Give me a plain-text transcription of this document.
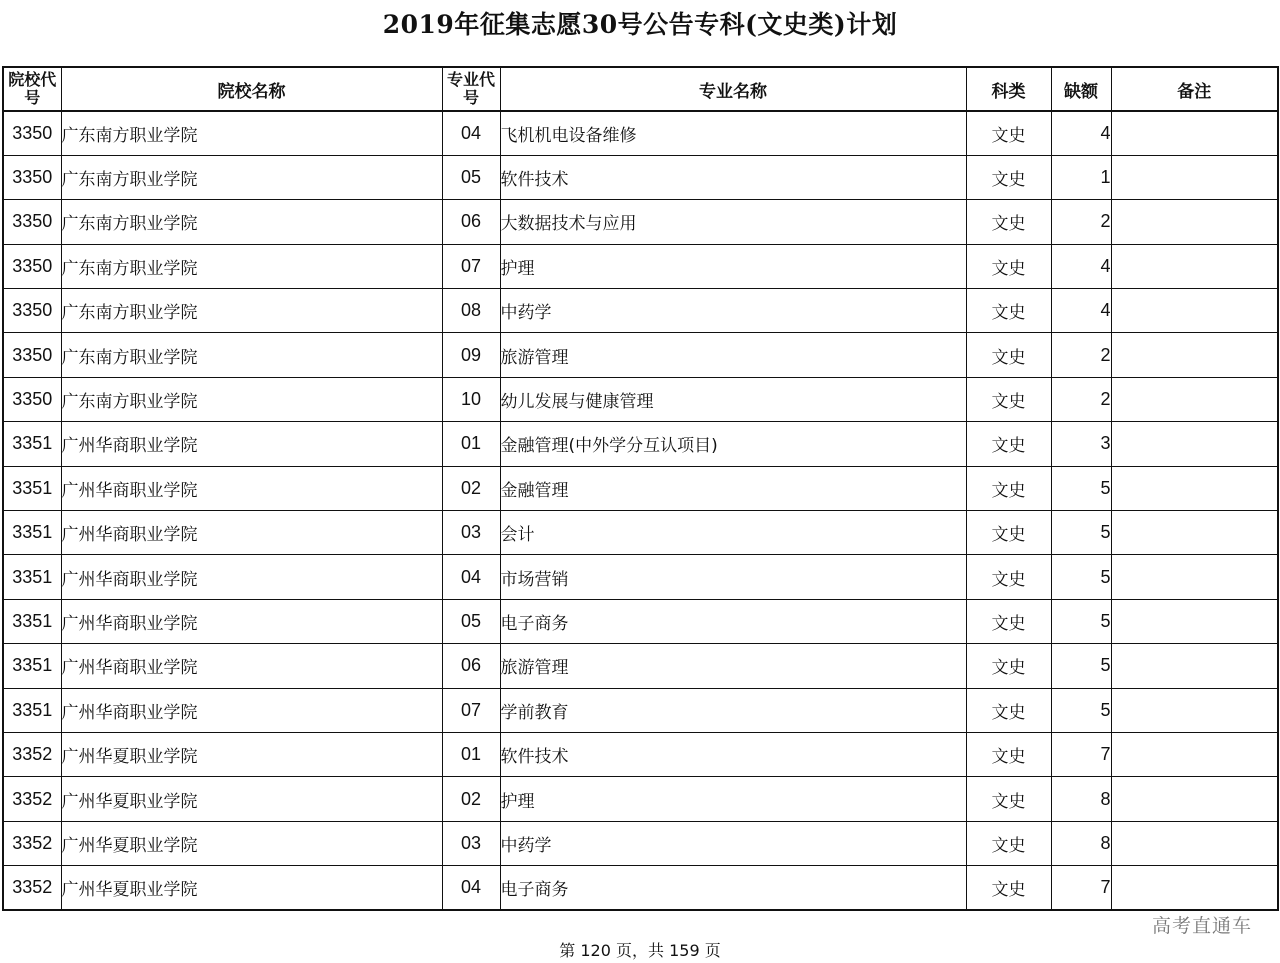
2019年征集志愿30号公告专科(文史类)计划
院校代号	院校名称	专业代号	专业名称	科类	缺额	备注
3350	广东南方职业学院	04	飞机机电设备维修	文史	4	
3350	广东南方职业学院	05	软件技术	文史	1	
3350	广东南方职业学院	06	大数据技术与应用	文史	2	
3350	广东南方职业学院	07	护理	文史	4	
3350	广东南方职业学院	08	中药学	文史	4	
3350	广东南方职业学院	09	旅游管理	文史	2	
3350	广东南方职业学院	10	幼儿发展与健康管理	文史	2	
3351	广州华商职业学院	01	金融管理(中外学分互认项目)	文史	3	
3351	广州华商职业学院	02	金融管理	文史	5	
3351	广州华商职业学院	03	会计	文史	5	
3351	广州华商职业学院	04	市场营销	文史	5	
3351	广州华商职业学院	05	电子商务	文史	5	
3351	广州华商职业学院	06	旅游管理	文史	5	
3351	广州华商职业学院	07	学前教育	文史	5	
3352	广州华夏职业学院	01	软件技术	文史	7	
3352	广州华夏职业学院	02	护理	文史	8	
3352	广州华夏职业学院	03	中药学	文史	8	
3352	广州华夏职业学院	04	电子商务	文史	7	
高考直通车
第 120 页，共 159 页
